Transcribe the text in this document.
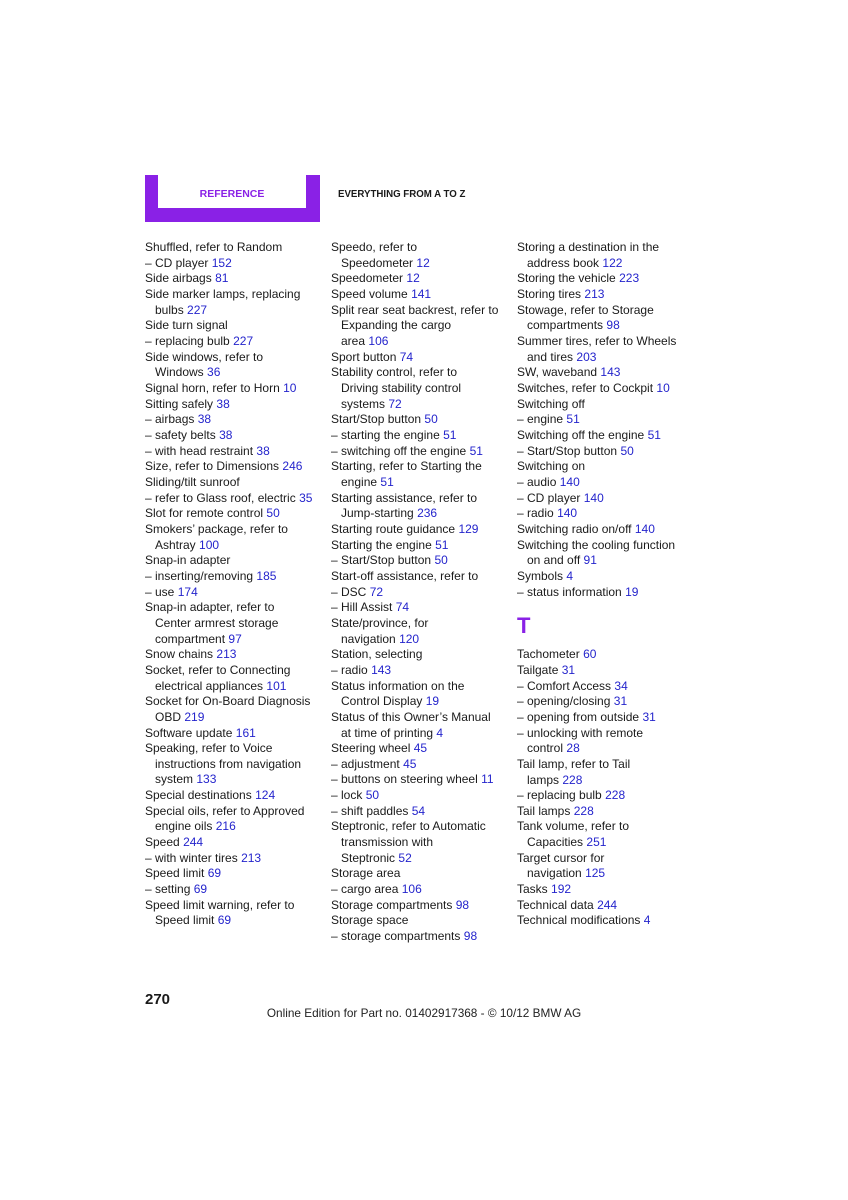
REFERENCE	EVERYTHING FROM A TO Z
Shuffled, refer to Random
– CD player 152
Side airbags 81
Side marker lamps, replacing
bulbs 227
Side turn signal
– replacing bulb 227
Side windows, refer to
Windows 36
Signal horn, refer to Horn 10
Sitting safely 38
– airbags 38
– safety belts 38
– with head restraint 38
Size, refer to Dimensions 246
Sliding/tilt sunroof
– refer to Glass roof, electric 35
Slot for remote control 50
Smokers’ package, refer to
Ashtray 100
Snap-in adapter
– inserting/removing 185
– use 174
Snap-in adapter, refer to
Center armrest storage
compartment 97
Snow chains 213
Socket, refer to Connecting
electrical appliances 101
Socket for On-Board Diagnosis
OBD 219
Software update 161
Speaking, refer to Voice
instructions from navigation
system 133
Special destinations 124
Special oils, refer to Approved
engine oils 216
Speed 244
– with winter tires 213
Speed limit 69
– setting 69
Speed limit warning, refer to
Speed limit 69
Speedo, refer to
Speedometer 12
Speedometer 12
Speed volume 141
Split rear seat backrest, refer to
Expanding the cargo
area 106
Sport button 74
Stability control, refer to
Driving stability control
systems 72
Start/Stop button 50
– starting the engine 51
– switching off the engine 51
Starting, refer to Starting the
engine 51
Starting assistance, refer to
Jump-starting 236
Starting route guidance 129
Starting the engine 51
– Start/Stop button 50
Start-off assistance, refer to
– DSC 72
– Hill Assist 74
State/province, for
navigation 120
Station, selecting
– radio 143
Status information on the
Control Display 19
Status of this Owner’s Manual
at time of printing 4
Steering wheel 45
– adjustment 45
– buttons on steering wheel 11
– lock 50
– shift paddles 54
Steptronic, refer to Automatic
transmission with
Steptronic 52
Storage area
– cargo area 106
Storage compartments 98
Storage space
– storage compartments 98
Storing a destination in the
address book 122
Storing the vehicle 223
Storing tires 213
Stowage, refer to Storage
compartments 98
Summer tires, refer to Wheels
and tires 203
SW, waveband 143
Switches, refer to Cockpit 10
Switching off
– engine 51
Switching off the engine 51
– Start/Stop button 50
Switching on
– audio 140
– CD player 140
– radio 140
Switching radio on/off 140
Switching the cooling function
on and off 91
Symbols 4
– status information 19
T
Tachometer 60
Tailgate 31
– Comfort Access 34
– opening/closing 31
– opening from outside 31
– unlocking with remote
control 28
Tail lamp, refer to Tail
lamps 228
– replacing bulb 228
Tail lamps 228
Tank volume, refer to
Capacities 251
Target cursor for
navigation 125
Tasks 192
Technical data 244
Technical modifications 4
270
Online Edition for Part no. 01402917368 - © 10/12 BMW AG
